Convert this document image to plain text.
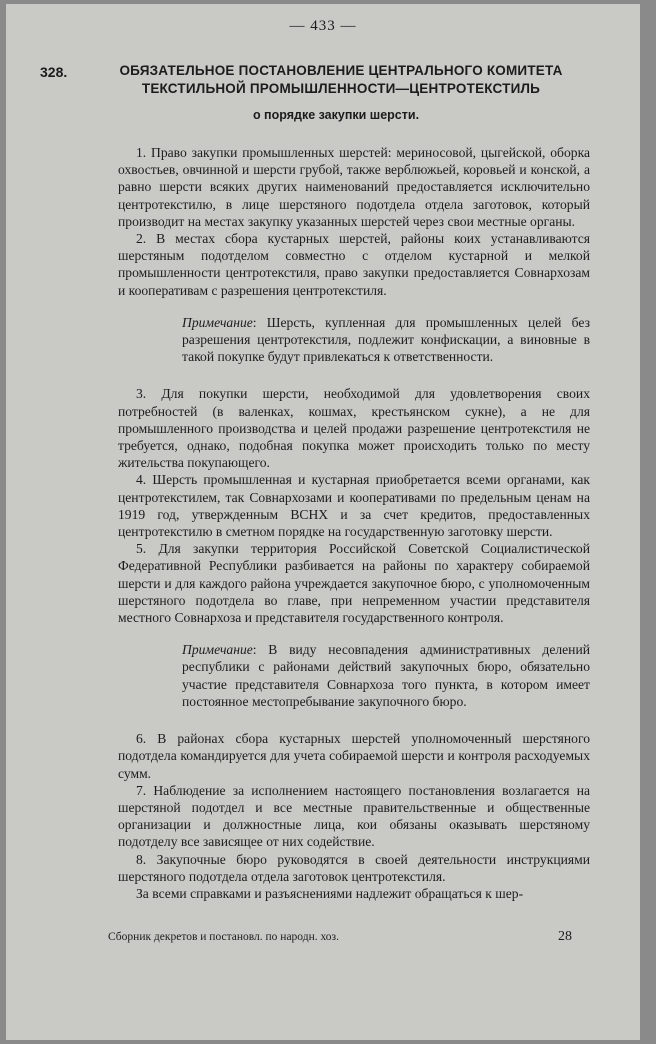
— 433 —
328.	ОБЯЗАТЕЛЬНОЕ ПОСТАНОВЛЕНИЕ ЦЕНТРАЛЬНОГО КОМИТЕТА ТЕКСТИЛЬНОЙ ПРОМЫШЛЕННОСТИ—ЦЕНТРОТЕКСТИЛЬ
о порядке закупки шерсти.

1. Право закупки промышленных шерстей: мериносовой, цыгейской, оборка охвостьев, овчинной и шерсти грубой, также верблюжьей, коровьей и конской, а равно шерсти всяких других наименований предоставляется исключительно центротекстилю, в лице шерстяного подотдела отдела заготовок, который производит на местах закупку указанных шерстей через свои местные органы.

2. В местах сбора кустарных шерстей, районы коих устанавливаются шерстяным подотделом совместно с отделом кустарной и мелкой промышленности центротекстиля, право закупки предоставляется Совнархозам и кооперативам с разрешения центротекстиля.

Примечание: Шерсть, купленная для промышленных целей без разрешения центротекстиля, подлежит конфискации, а виновные в такой покупке будут привлекаться к ответственности.

3. Для покупки шерсти, необходимой для удовлетворения своих потребностей (в валенках, кошмах, крестьянском сукне), а не для промышленного производства и целей продажи разрешение центротекстиля не требуется, однако, подобная покупка может происходить только по месту жительства покупающего.

4. Шерсть промышленная и кустарная приобретается всеми органами, как центротекстилем, так Совнархозами и кооперативами по предельным ценам на 1919 год, утвержденным ВСНХ и за счет кредитов, предоставленных центротекстилю в сметном порядке на государственную заготовку шерсти.

5. Для закупки территория Российской Советской Социалистической Федеративной Республики разбивается на районы по характеру собираемой шерсти и для каждого района учреждается закупочное бюро, с уполномоченным шерстяного подотдела во главе, при непременном участии представителя местного Совнархоза и представителя государственного контроля.

Примечание: В виду несовпадения административных делений республики с районами действий закупочных бюро, обязательно участие представителя Совнархоза того пункта, в котором имеет постоянное местопребывание закупочного бюро.

6. В районах сбора кустарных шерстей уполномоченный шерстяного подотдела командируется для учета собираемой шерсти и контроля расходуемых сумм.

7. Наблюдение за исполнением настоящего постановления возлагается на шерстяной подотдел и все местные правительственные и общественные организации и должностные лица, кои обязаны оказывать шерстяному подотделу все зависящее от них содействие.

8. Закупочные бюро руководятся в своей деятельности инструкциями шерстяного подотдела отдела заготовок центротекстиля.

За всеми справками и разъяснениями надлежит обращаться к шер-

Сборник декретов и постановл. по народн. хоз.	28
